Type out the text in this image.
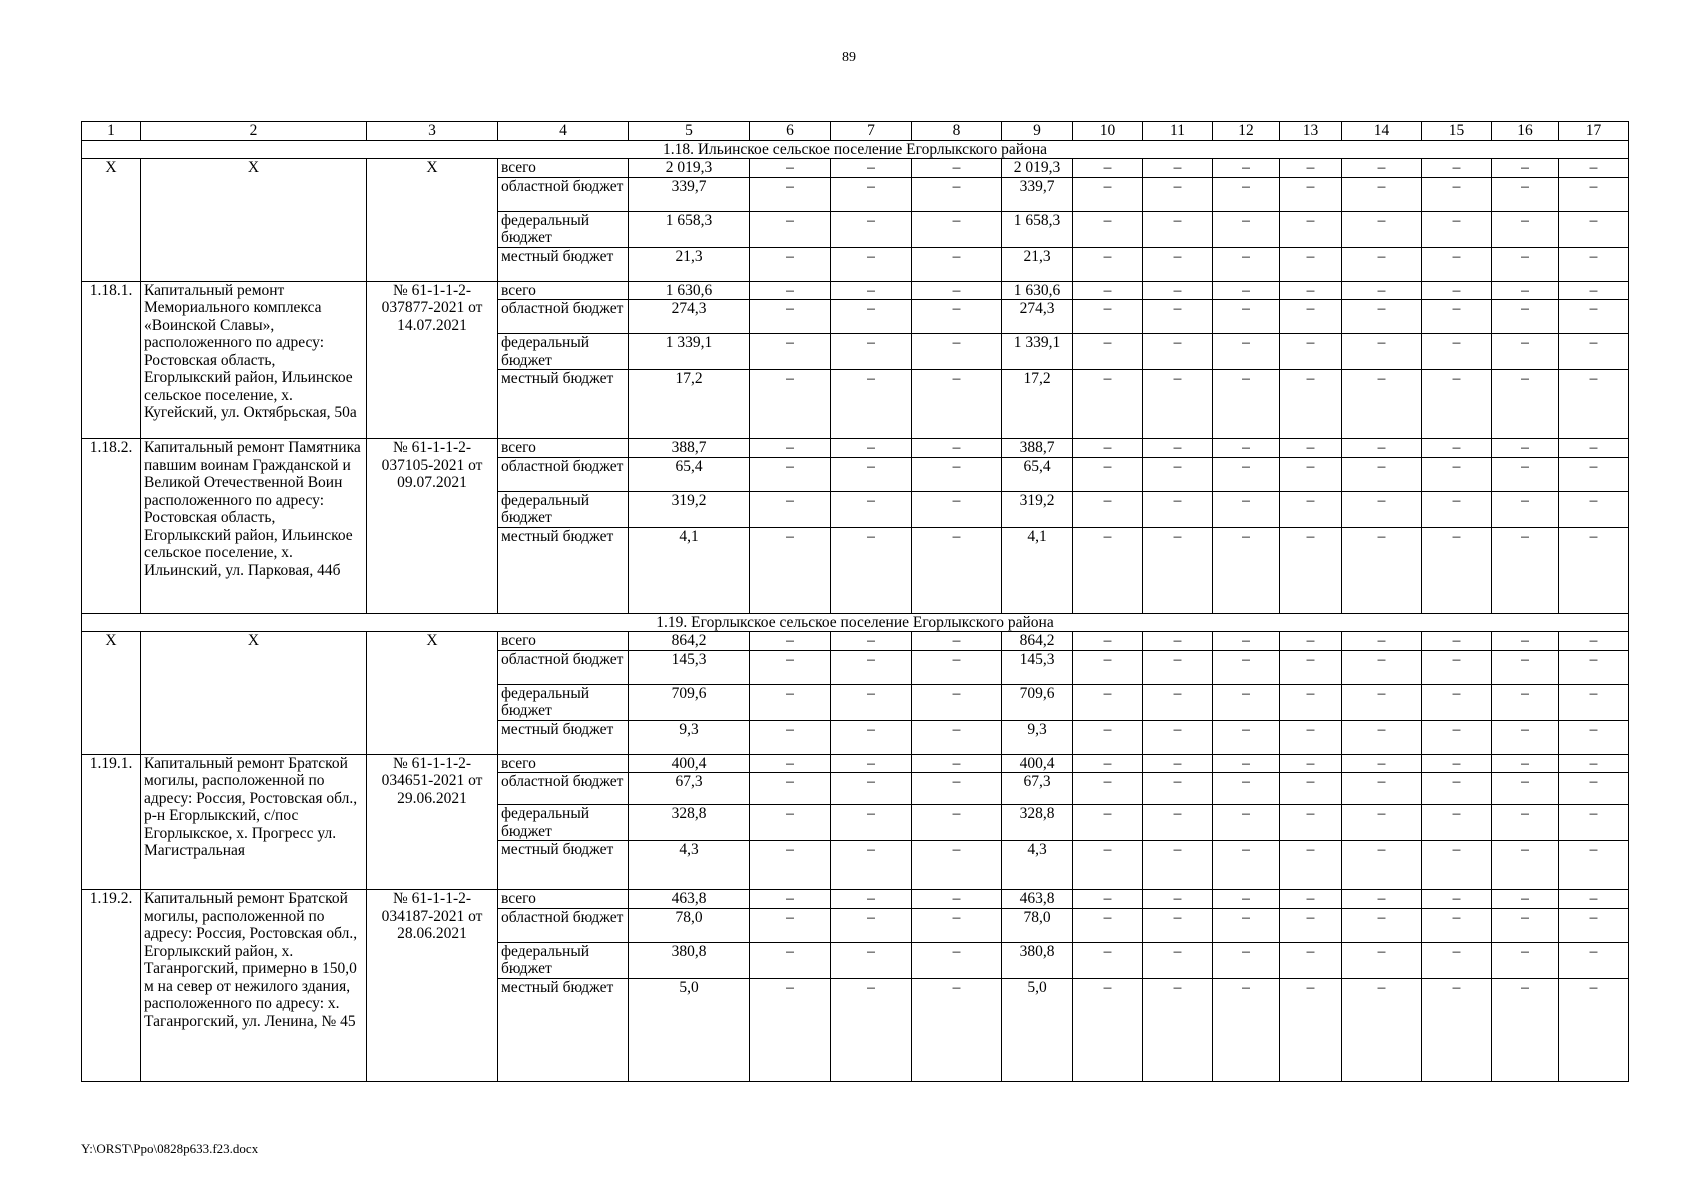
89
1	2	3	4	5	6	7	8	9	10	11	12	13	14	15	16	17
1.18. Ильинское сельское поселение Егорлыкского района																
Х	Х	Х	всего	2 019,3	–	–	–	2 019,3	–	–	–	–	–	–	–	–
			областной бюджет	339,7	–	–	–	339,7	–	–	–	–	–	–	–	–
			федеральный бюджет	1 658,3	–	–	–	1 658,3	–	–	–	–	–	–	–	–
			местный бюджет	21,3	–	–	–	21,3	–	–	–	–	–	–	–	–
1.18.1.	Капитальный ремонт Мемориального комплекса «Воинской Славы», расположенного по адресу: Ростовская область, Егорлыкский район, Ильинское сельское поселение, х. Кугейский, ул. Октябрьская, 50а	№ 61-1-1-2-037877-2021 от 14.07.2021	всего	1 630,6	–	–	–	1 630,6	–	–	–	–	–	–	–	–
			областной бюджет	274,3	–	–	–	274,3	–	–	–	–	–	–	–	–
			федеральный бюджет	1 339,1	–	–	–	1 339,1	–	–	–	–	–	–	–	–
			местный бюджет	17,2	–	–	–	17,2	–	–	–	–	–	–	–	–
1.18.2.	Капитальный ремонт Памятника павшим воинам Гражданской и Великой Отечественной Воин расположенного по адресу: Ростовская область, Егорлыкский район, Ильинское сельское поселение, х. Ильинский, ул. Парковая, 44б	№ 61-1-1-2-037105-2021 от 09.07.2021	всего	388,7	–	–	–	388,7	–	–	–	–	–	–	–	–
			областной бюджет	65,4	–	–	–	65,4	–	–	–	–	–	–	–	–
			федеральный бюджет	319,2	–	–	–	319,2	–	–	–	–	–	–	–	–
			местный бюджет	4,1	–	–	–	4,1	–	–	–	–	–	–	–	–
1.19. Егорлыкское сельское поселение Егорлыкского района																
Х	Х	Х	всего	864,2	–	–	–	864,2	–	–	–	–	–	–	–	–
			областной бюджет	145,3	–	–	–	145,3	–	–	–	–	–	–	–	–
			федеральный бюджет	709,6	–	–	–	709,6	–	–	–	–	–	–	–	–
			местный бюджет	9,3	–	–	–	9,3	–	–	–	–	–	–	–	–
1.19.1.	Капитальный ремонт Братской могилы, расположенной по адресу: Россия, Ростовская обл., р-н Егорлыкский, с/пос Егорлыкское, х. Прогресс ул. Магистральная	№ 61-1-1-2-034651-2021 от 29.06.2021	всего	400,4	–	–	–	400,4	–	–	–	–	–	–	–	–
			областной бюджет	67,3	–	–	–	67,3	–	–	–	–	–	–	–	–
			федеральный бюджет	328,8	–	–	–	328,8	–	–	–	–	–	–	–	–
			местный бюджет	4,3	–	–	–	4,3	–	–	–	–	–	–	–	–
1.19.2.	Капитальный ремонт Братской могилы, расположенной по адресу: Россия, Ростовская обл., Егорлыкский район, х. Таганрогский, примерно в 150,0 м на север от нежилого здания, расположенного по адресу: х. Таганрогский, ул. Ленина, № 45	№ 61-1-1-2-034187-2021 от 28.06.2021	всего	463,8	–	–	–	463,8	–	–	–	–	–	–	–	–
			областной бюджет	78,0	–	–	–	78,0	–	–	–	–	–	–	–	–
			федеральный бюджет	380,8	–	–	–	380,8	–	–	–	–	–	–	–	–
			местный бюджет	5,0	–	–	–	5,0	–	–	–	–	–	–	–	–
Y:\ORST\Ppo\0828p633.f23.docx
